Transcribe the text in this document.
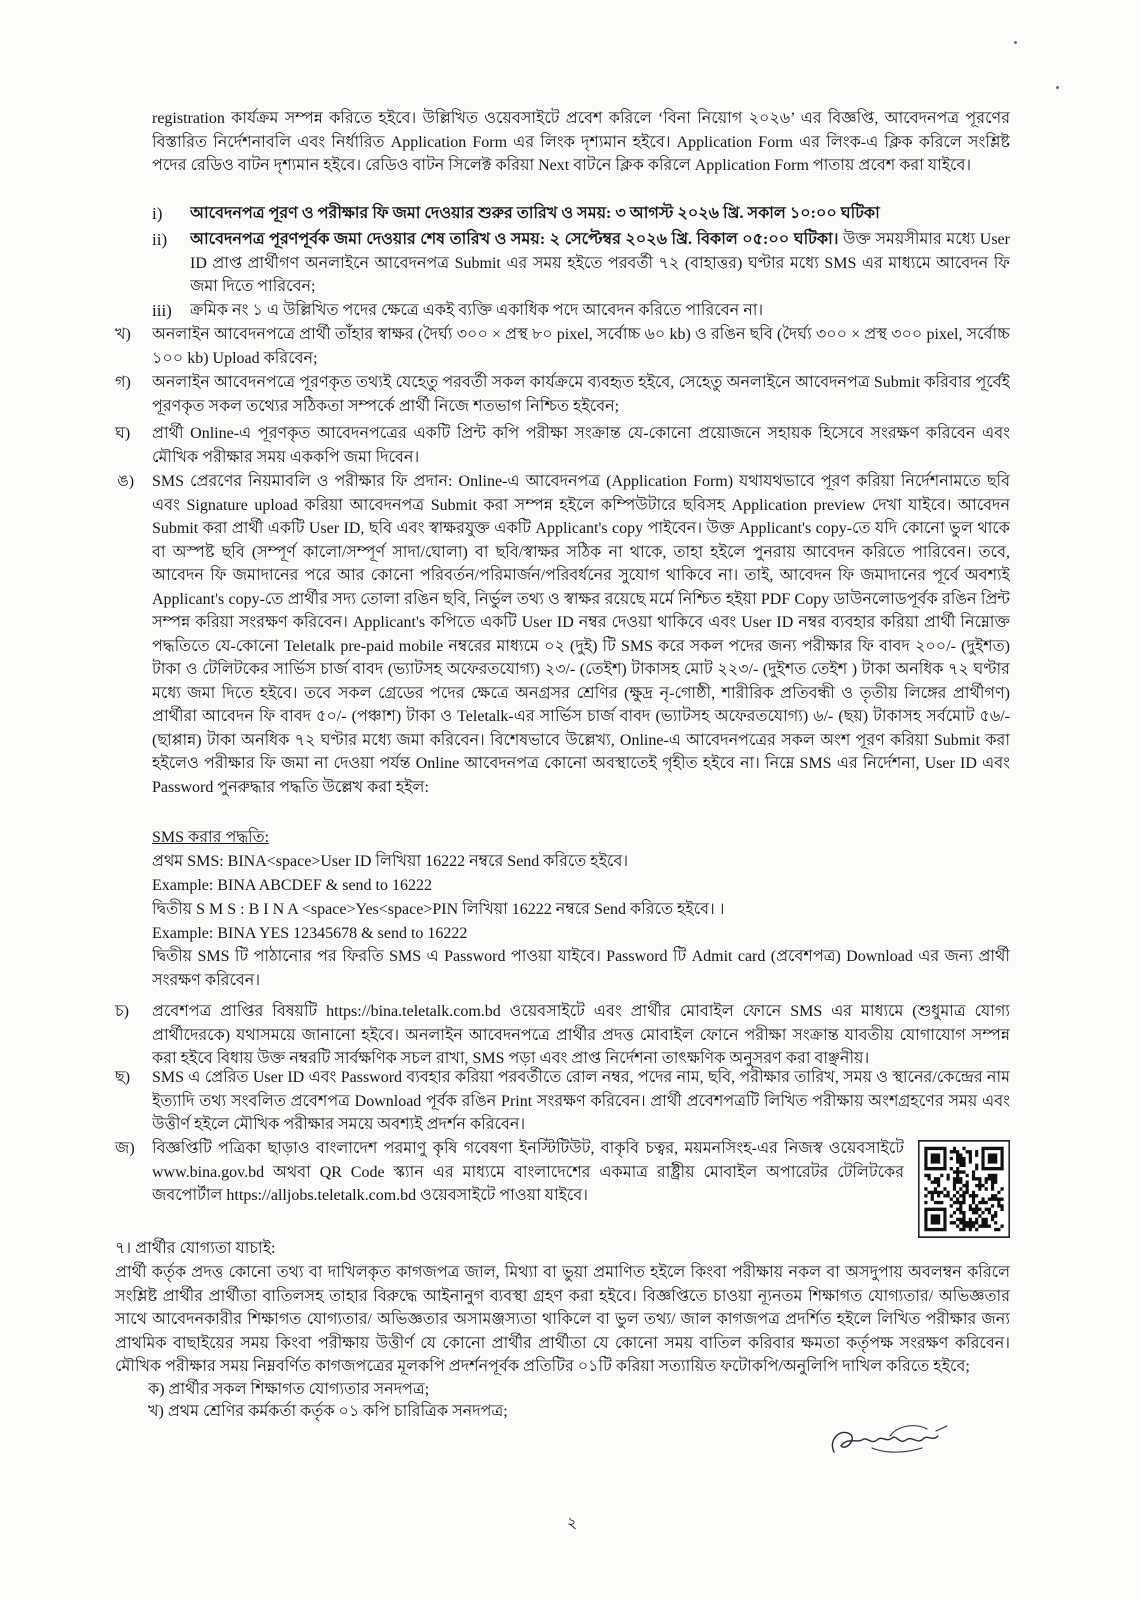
registration কার্যক্রম সম্পন্ন করিতে হইবে। উল্লিখিত ওয়েবসাইটে প্রবেশ করিলে ‘বিনা নিয়োগ ২০২৬’ এর বিজ্ঞপ্তি, আবেদনপত্র পূরণের বিস্তারিত নির্দেশনাবলি এবং নির্ধারিত Application Form এর লিংক দৃশ্যমান হইবে। Application Form এর লিংক-এ ক্লিক করিলে সংশ্লিষ্ট পদের রেডিও বাটন দৃশ্যমান হইবে। রেডিও বাটন সিলেক্ট করিয়া Next বাটনে ক্লিক করিলে Application Form পাতায় প্রবেশ করা যাইবে।
i) আবেদনপত্র পূরণ ও পরীক্ষার ফি জমা দেওয়ার শুরুর তারিখ ও সময়: ৩ আগস্ট ২০২৬ খ্রি. সকাল ১০:০০ ঘটিকা
ii) আবেদনপত্র পূরণপূর্বক জমা দেওয়ার শেষ তারিখ ও সময়: ২ সেপ্টেম্বর ২০২৬ খ্রি. বিকাল ০৫:০০ ঘটিকা। উক্ত সময়সীমার মধ্যে User ID প্রাপ্ত প্রার্থীগণ অনলাইনে আবেদনপত্র Submit এর সময় হইতে পরবর্তী ৭২ (বাহাত্তর) ঘণ্টার মধ্যে SMS এর মাধ্যমে আবেদন ফি জমা দিতে পারিবেন;
iii) ক্রমিক নং ১ এ উল্লিখিত পদের ক্ষেত্রে একই ব্যক্তি একাধিক পদে আবেদন করিতে পারিবেন না।
খ) অনলাইন আবেদনপত্রে প্রার্থী তাঁহার স্বাক্ষর (দৈর্ঘ্য ৩০০ × প্রস্থ ৮০ pixel, সর্বোচ্চ ৬০ kb) ও রঙিন ছবি (দৈর্ঘ্য ৩০০ × প্রস্থ ৩০০ pixel, সর্বোচ্চ ১০০ kb) Upload করিবেন;
গ) অনলাইন আবেদনপত্রে পূরণকৃত তথ্যই যেহেতু পরবর্তী সকল কার্যক্রমে ব্যবহৃত হইবে, সেহেতু অনলাইনে আবেদনপত্র Submit করিবার পূর্বেই পূরণকৃত সকল তথ্যের সঠিকতা সম্পর্কে প্রার্থী নিজে শতভাগ নিশ্চিত হইবেন;
ঘ) প্রার্থী Online-এ পূরণকৃত আবেদনপত্রের একটি প্রিন্ট কপি পরীক্ষা সংক্রান্ত যে-কোনো প্রয়োজনে সহায়ক হিসেবে সংরক্ষণ করিবেন এবং মৌখিক পরীক্ষার সময় এককপি জমা দিবেন।
ঙ) SMS প্রেরণের নিয়মাবলি ও পরীক্ষার ফি প্রদান: Online-এ আবেদনপত্র (Application Form) যথাযথভাবে পূরণ করিয়া নির্দেশনামতে ছবি এবং Signature upload করিয়া আবেদনপত্র Submit করা সম্পন্ন হইলে কম্পিউটারে ছবিসহ Application preview দেখা যাইবে। আবেদন Submit করা প্রার্থী একটি User ID, ছবি এবং স্বাক্ষরযুক্ত একটি Applicant's copy পাইবেন। উক্ত Applicant's copy-তে যদি কোনো ভুল থাকে বা অস্পষ্ট ছবি (সম্পূর্ণ কালো/সম্পূর্ণ সাদা/ঘোলা) বা ছবি/স্বাক্ষর সঠিক না থাকে, তাহা হইলে পুনরায় আবেদন করিতে পারিবেন। তবে, আবেদন ফি জমাদানের পরে আর কোনো পরিবর্তন/পরিমার্জন/পরিবর্ধনের সুযোগ থাকিবে না। তাই, আবেদন ফি জমাদানের পূর্বে অবশ্যই Applicant's copy-তে প্রার্থীর সদ্য তোলা রঙিন ছবি, নির্ভুল তথ্য ও স্বাক্ষর রয়েছে মর্মে নিশ্চিত হইয়া PDF Copy ডাউনলোডপূর্বক রঙিন প্রিন্ট সম্পন্ন করিয়া সংরক্ষণ করিবেন। Applicant's কপিতে একটি User ID নম্বর দেওয়া থাকিবে এবং User ID নম্বর ব্যবহার করিয়া প্রার্থী নিম্নোক্ত পদ্ধতিতে যে-কোনো Teletalk pre-paid mobile নম্বরের মাধ্যমে ০২ (দুই) টি SMS করে সকল পদের জন্য পরীক্ষার ফি বাবদ ২০০/- (দুইশত) টাকা ও টেলিটকের সার্ভিস চার্জ বাবদ (ভ্যাটসহ অফেরতযোগ্য) ২৩/- (তেইশ) টাকাসহ মোট ২২৩/- (দুইশত তেইশ ) টাকা অনধিক ৭২ ঘণ্টার মধ্যে জমা দিতে হইবে। তবে সকল গ্রেডের পদের ক্ষেত্রে অনগ্রসর শ্রেণির (ক্ষুদ্র নৃ-গোষ্ঠী, শারীরিক প্রতিবন্ধী ও তৃতীয় লিঙ্গের প্রার্থীগণ) প্রার্থীরা আবেদন ফি বাবদ ৫০/- (পঞ্চাশ) টাকা ও Teletalk-এর সার্ভিস চার্জ বাবদ (ভ্যাটসহ অফেরতযোগ্য) ৬/- (ছয়) টাকাসহ সর্বমোট ৫৬/- (ছাপ্পান্ন) টাকা অনধিক ৭২ ঘণ্টার মধ্যে জমা করিবেন। বিশেষভাবে উল্লেখ্য, Online-এ আবেদনপত্রের সকল অংশ পূরণ করিয়া Submit করা হইলেও পরীক্ষার ফি জমা না দেওয়া পর্যন্ত Online আবেদনপত্র কোনো অবস্থাতেই গৃহীত হইবে না। নিম্নে SMS এর নির্দেশনা, User ID এবং Password পুনরুদ্ধার পদ্ধতি উল্লেখ করা হইল:
SMS করার পদ্ধতি:
প্রথম SMS: BINA<space>User ID লিখিয়া 16222 নম্বরে Send করিতে হইবে।
Example: BINA ABCDEF & send to 16222
দ্বিতীয় S M S : B I N A <space>Yes<space>PIN লিখিয়া 16222 নম্বরে Send করিতে হইবে। ।
Example: BINA YES 12345678 & send to 16222
দ্বিতীয় SMS টি পাঠানোর পর ফিরতি SMS এ Password পাওয়া যাইবে। Password টি Admit card (প্রবেশপত্র) Download এর জন্য প্রার্থী সংরক্ষণ করিবেন।
চ) প্রবেশপত্র প্রাপ্তির বিষয়টি https://bina.teletalk.com.bd ওয়েবসাইটে এবং প্রার্থীর মোবাইল ফোনে SMS এর মাধ্যমে (শুধুমাত্র যোগ্য প্রার্থীদেরকে) যথাসময়ে জানানো হইবে। অনলাইন আবেদনপত্রে প্রার্থীর প্রদত্ত মোবাইল ফোনে পরীক্ষা সংক্রান্ত যাবতীয় যোগাযোগ সম্পন্ন করা হইবে বিধায় উক্ত নম্বরটি সার্বক্ষণিক সচল রাখা, SMS পড়া এবং প্রাপ্ত নির্দেশনা তাৎক্ষণিক অনুসরণ করা বাঞ্ছনীয়।
ছ) SMS এ প্রেরিত User ID এবং Password ব্যবহার করিয়া পরবর্তীতে রোল নম্বর, পদের নাম, ছবি, পরীক্ষার তারিখ, সময় ও স্থানের/কেন্দ্রের নাম ইত্যাদি তথ্য সংবলিত প্রবেশপত্র Download পূর্বক রঙিন Print সংরক্ষণ করিবেন। প্রার্থী প্রবেশপত্রটি লিখিত পরীক্ষায় অংশগ্রহণের সময় এবং উত্তীর্ণ হইলে মৌখিক পরীক্ষার সময়ে অবশ্যই প্রদর্শন করিবেন।
জ) বিজ্ঞপ্তিটি পত্রিকা ছাড়াও বাংলাদেশ পরমাণু কৃষি গবেষণা ইনস্টিটিউট, বাকৃবি চত্বর, ময়মনসিংহ-এর নিজস্ব ওয়েবসাইটে www.bina.gov.bd অথবা QR Code স্ক্যান এর মাধ্যমে বাংলাদেশের একমাত্র রাষ্ট্রীয় মোবাইল অপারেটর টেলিটকের জবপোর্টাল https://alljobs.teletalk.com.bd ওয়েবসাইটে পাওয়া যাইবে।
৭। প্রার্থীর যোগ্যতা যাচাই:
প্রার্থী কর্তৃক প্রদত্ত কোনো তথ্য বা দাখিলকৃত কাগজপত্র জাল, মিথ্যা বা ভুয়া প্রমাণিত হইলে কিংবা পরীক্ষায় নকল বা অসদুপায় অবলম্বন করিলে সংশ্লিষ্ট প্রার্থীর প্রার্থীতা বাতিলসহ তাহার বিরুদ্ধে আইনানুগ ব্যবস্থা গ্রহণ করা হইবে। বিজ্ঞপ্তিতে চাওয়া ন্যূনতম শিক্ষাগত যোগ্যতার/ অভিজ্ঞতার সাথে আবেদনকারীর শিক্ষাগত যোগ্যতার/ অভিজ্ঞতার অসামঞ্জস্যতা থাকিলে বা ভুল তথ্য/ জাল কাগজপত্র প্রদর্শিত হইলে লিখিত পরীক্ষার জন্য প্রাথমিক বাছাইয়ের সময় কিংবা পরীক্ষায় উত্তীর্ণ যে কোনো প্রার্থীর প্রার্থীতা যে কোনো সময় বাতিল করিবার ক্ষমতা কর্তৃপক্ষ সংরক্ষণ করিবেন। মৌখিক পরীক্ষার সময় নিম্নবর্ণিত কাগজপত্রের মূলকপি প্রদর্শনপূর্বক প্রতিটির ০১টি করিয়া সত্যায়িত ফটোকপি/অনুলিপি দাখিল করিতে হইবে;
ক) প্রার্থীর সকল শিক্ষাগত যোগ্যতার সনদপত্র;
খ) প্রথম শ্রেণির কর্মকর্তা কর্তৃক ০১ কপি চারিত্রিক সনদপত্র;
২
